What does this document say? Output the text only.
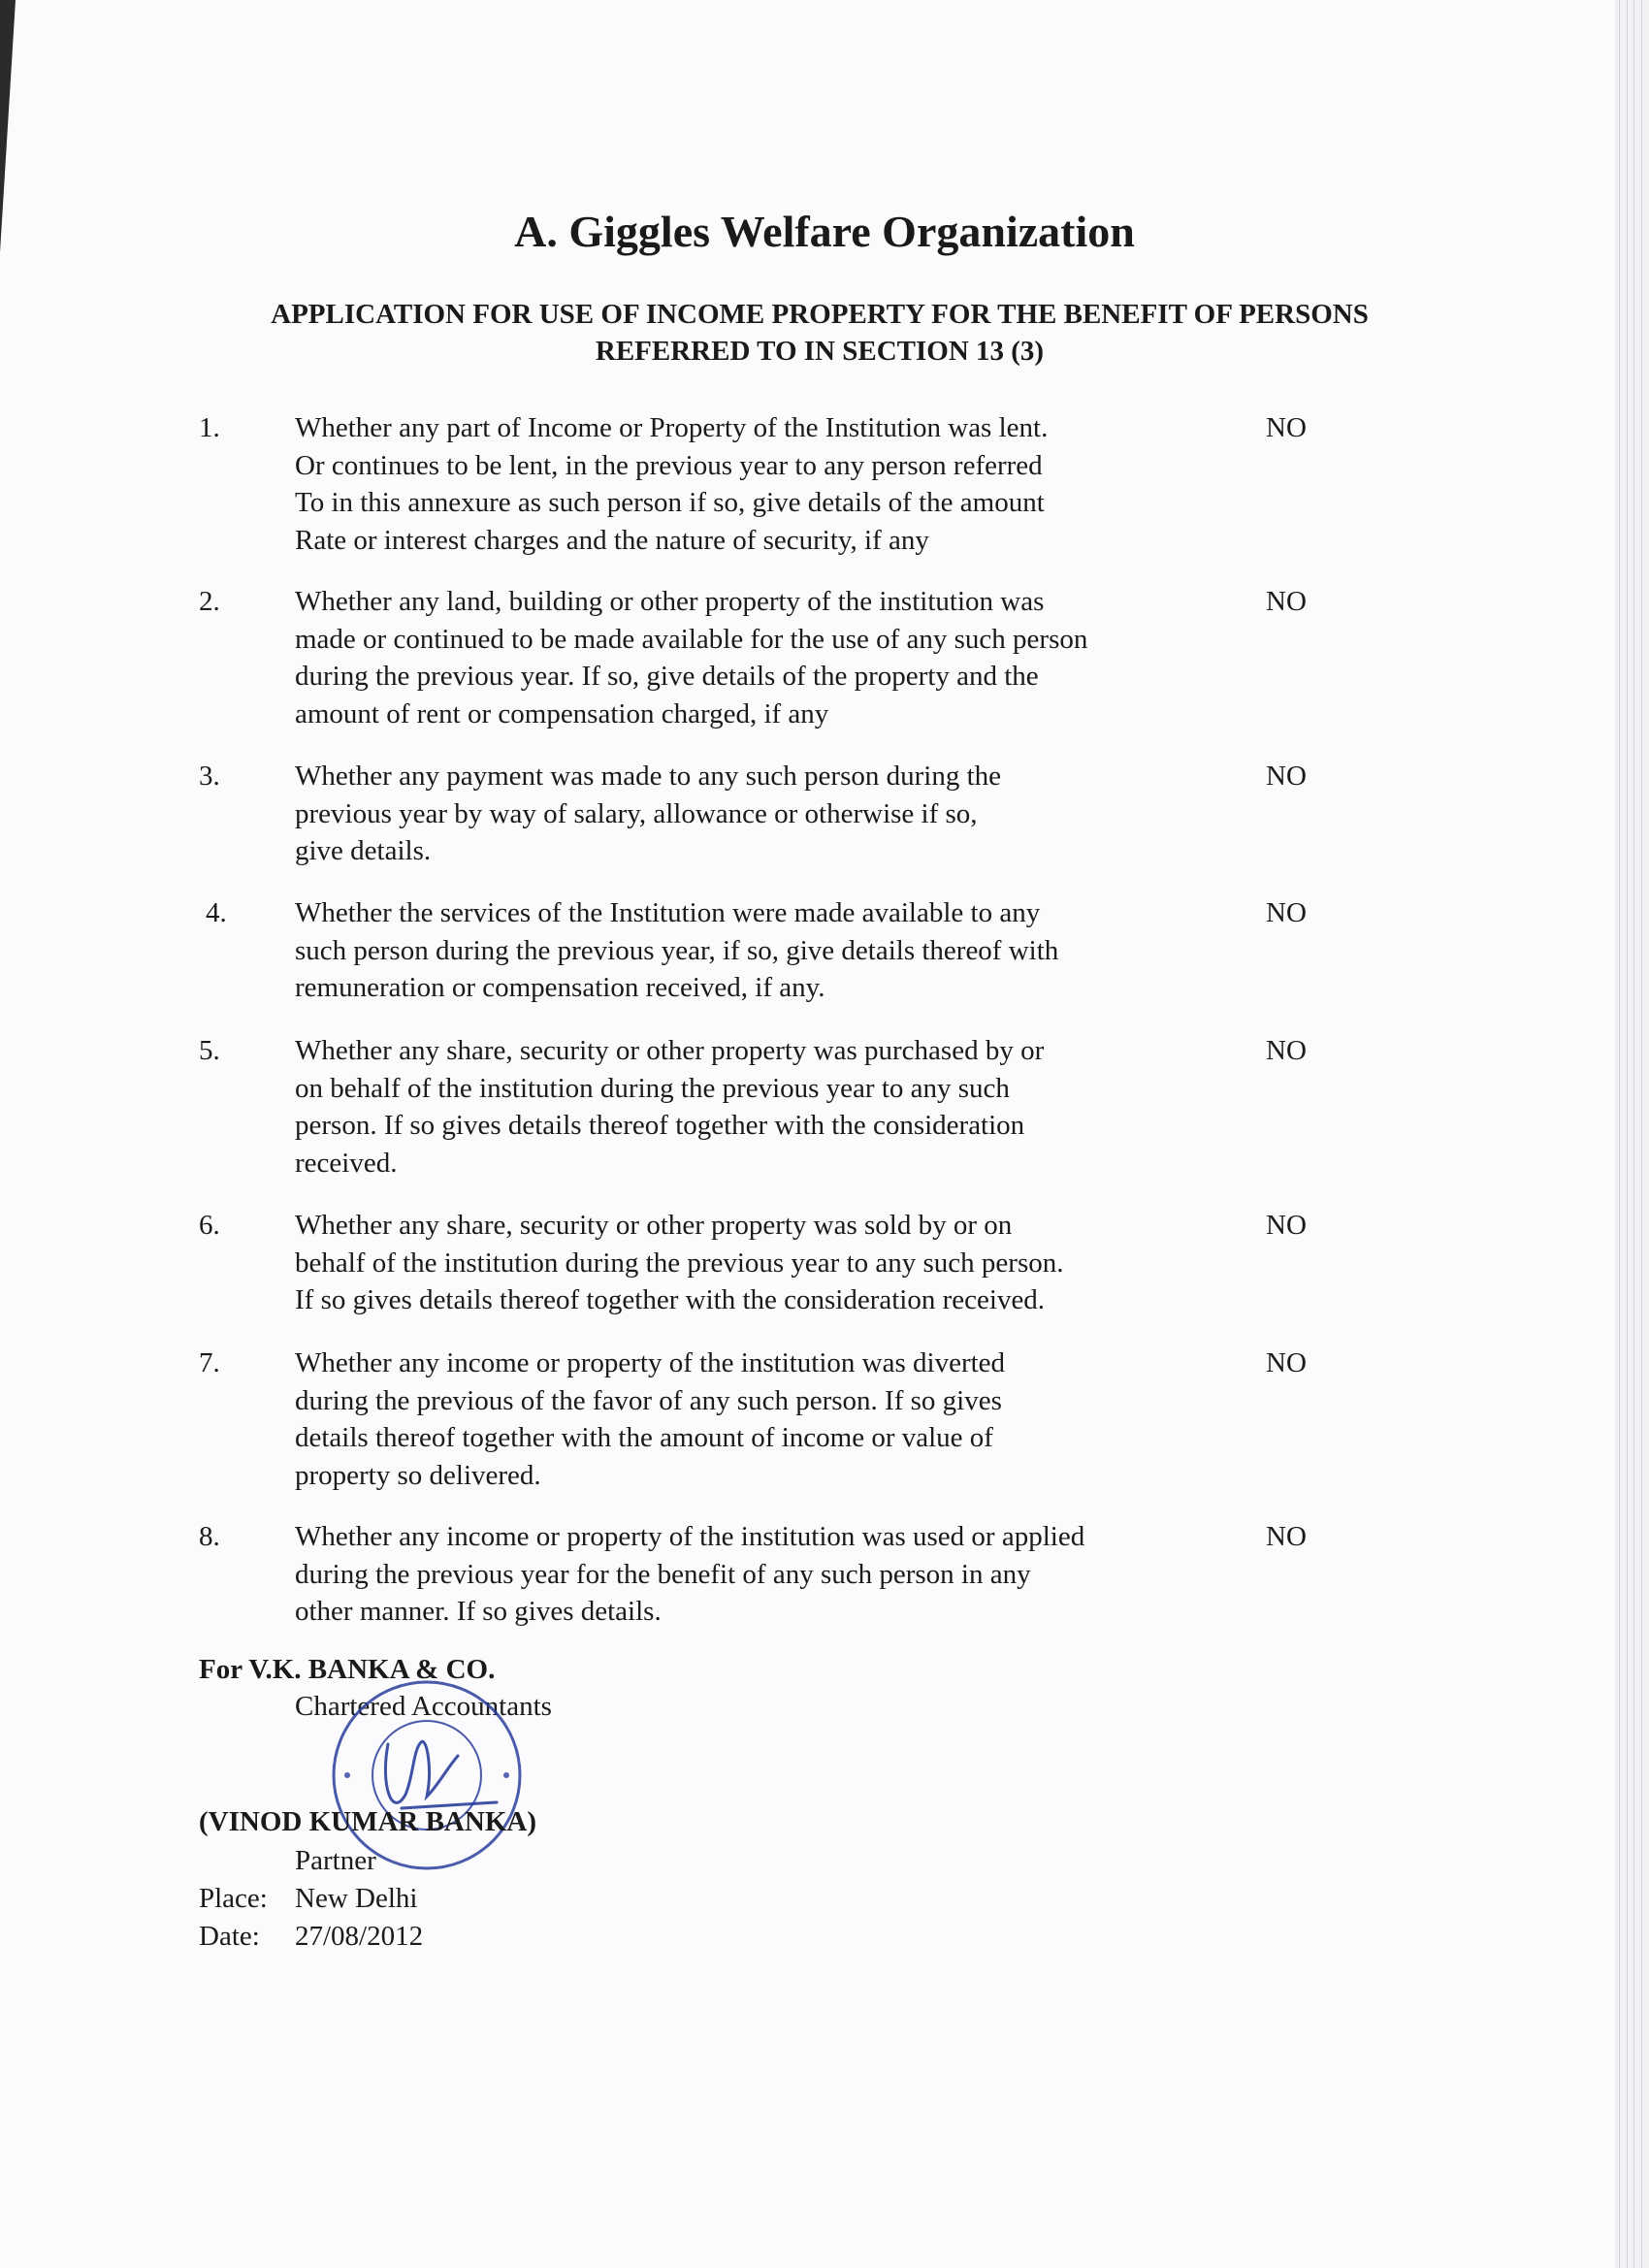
A. Giggles Welfare Organization

APPLICATION FOR USE OF INCOME PROPERTY FOR THE BENEFIT OF PERSONS REFERRED TO IN SECTION 13 (3)

1.	Whether any part of Income or Property of the Institution was lent.
Or continues to be lent, in the previous year to any person referred
To in this annexure as such person if so, give details of the amount
Rate or interest charges and the nature of security, if any
NO
2.	Whether any land, building or other property of the institution was
made or continued to be made available for the use of any such person
during the previous year. If so, give details of the property and the
amount of rent or compensation charged, if any
NO
3.	Whether any payment was made to any such person during the
previous year by way of salary, allowance or otherwise if so,
give details.
NO
4. Whether the services of the Institution were made available to any
such person during the previous year, if so, give details thereof with
remuneration or compensation received, if any.
NO
5.	Whether any share, security or other property was purchased by or
on behalf of the institution during the previous year to any such
person. If so gives details thereof together with the consideration
received.
NO
6.	Whether any share, security or other property was sold by or on
behalf of the institution during the previous year to any such person.
If so gives details thereof together with the consideration received.
NO
7.	Whether any income or property of the institution was diverted
during the previous of the favor of any such person. If so gives
details thereof together with the amount of income or value of
property so delivered.
NO
8.	Whether any income or property of the institution was used or applied
during the previous year for the benefit of any such person in any
other manner. If so gives details.
NO
For V.K. BANKA & CO.
Chartered Accountants
(VINOD KUMAR BANKA)
Partner
Place: New Delhi
Date: 27/08/2012
